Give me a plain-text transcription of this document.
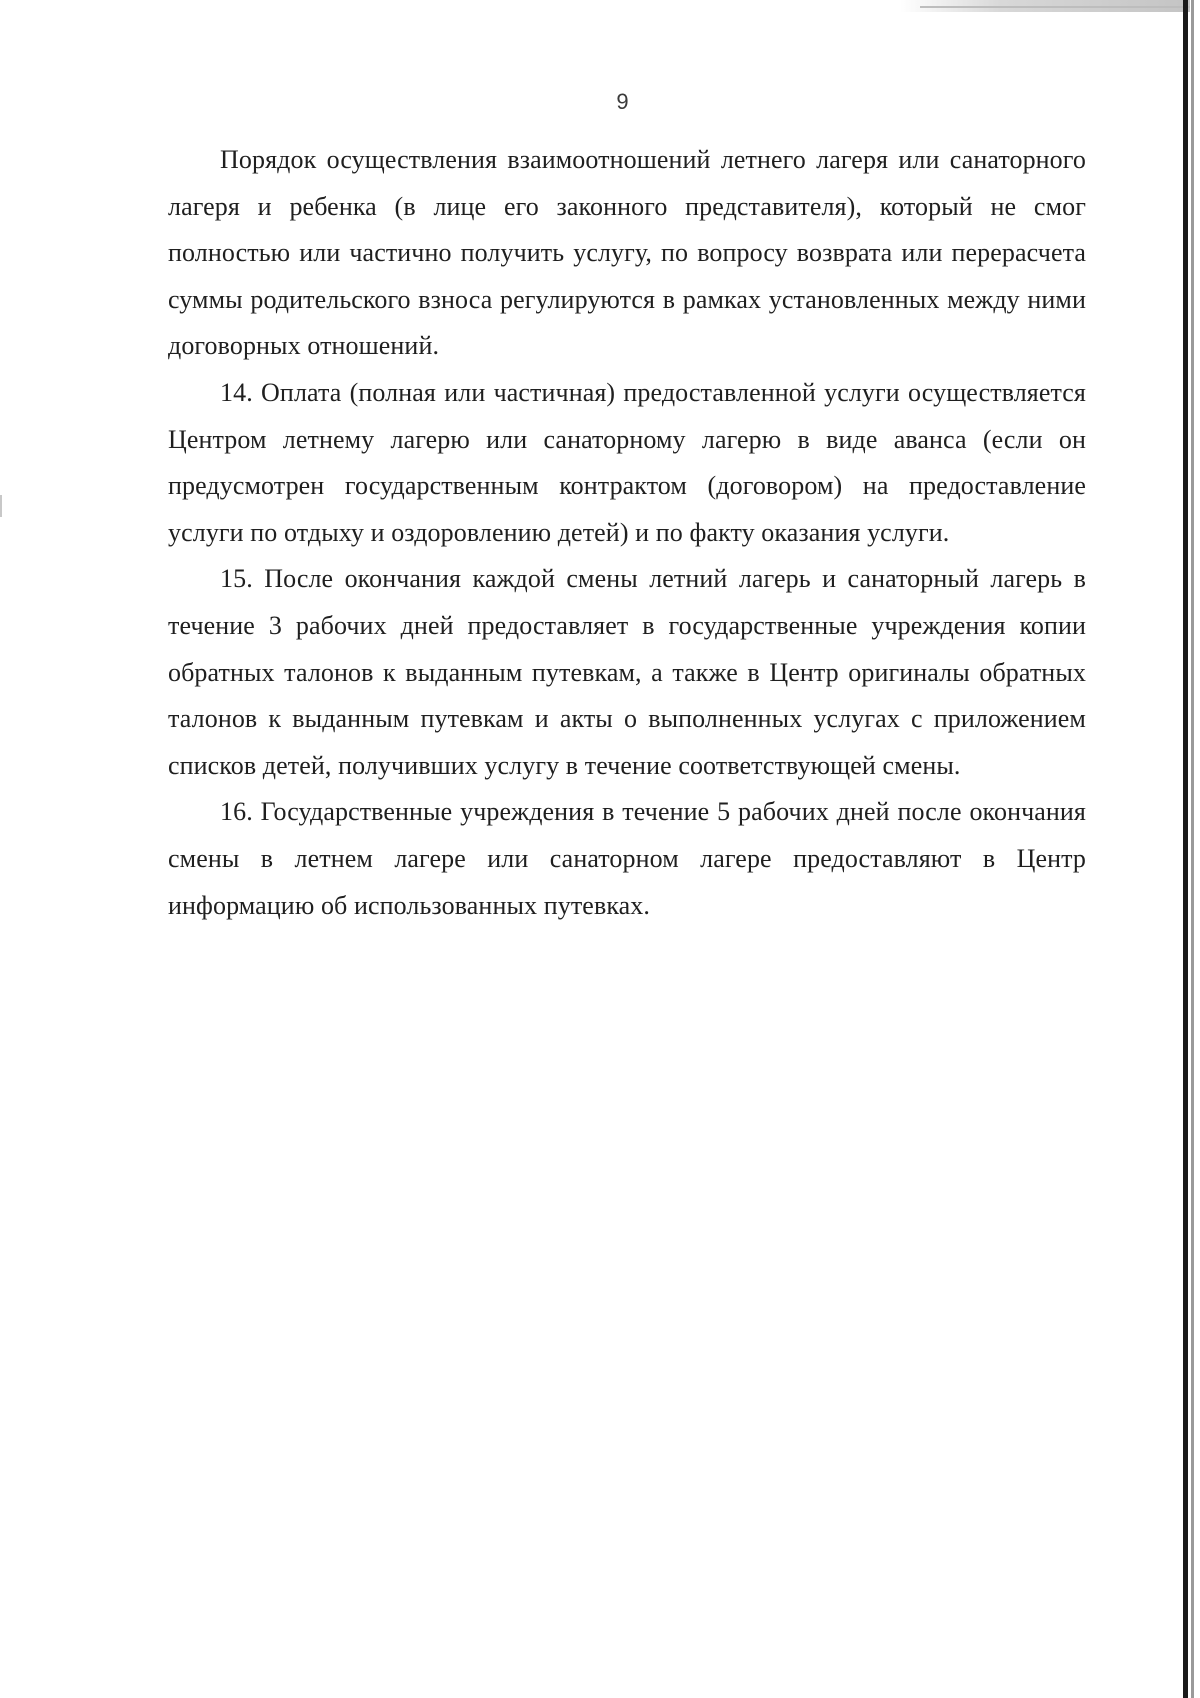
9

Порядок осуществления взаимоотношений летнего лагеря или санаторного лагеря и ребенка (в лице его законного представителя), который не смог полностью или частично получить услугу, по вопросу возврата или перерасчета суммы родительского взноса регулируются в рамках установленных между ними договорных отношений.

14. Оплата (полная или частичная) предоставленной услуги осуществляется Центром летнему лагерю или санаторному лагерю в виде аванса (если он предусмотрен государственным контрактом (договором) на предоставление услуги по отдыху и оздоровлению детей) и по факту оказания услуги.

15. После окончания каждой смены летний лагерь и санаторный лагерь в течение 3 рабочих дней предоставляет в государственные учреждения копии обратных талонов к выданным путевкам, а также в Центр оригиналы обратных талонов к выданным путевкам и акты о выполненных услугах с приложением списков детей, получивших услугу в течение соответствующей смены.

16. Государственные учреждения в течение 5 рабочих дней после окончания смены в летнем лагере или санаторном лагере предоставляют в Центр информацию об использованных путевках.
